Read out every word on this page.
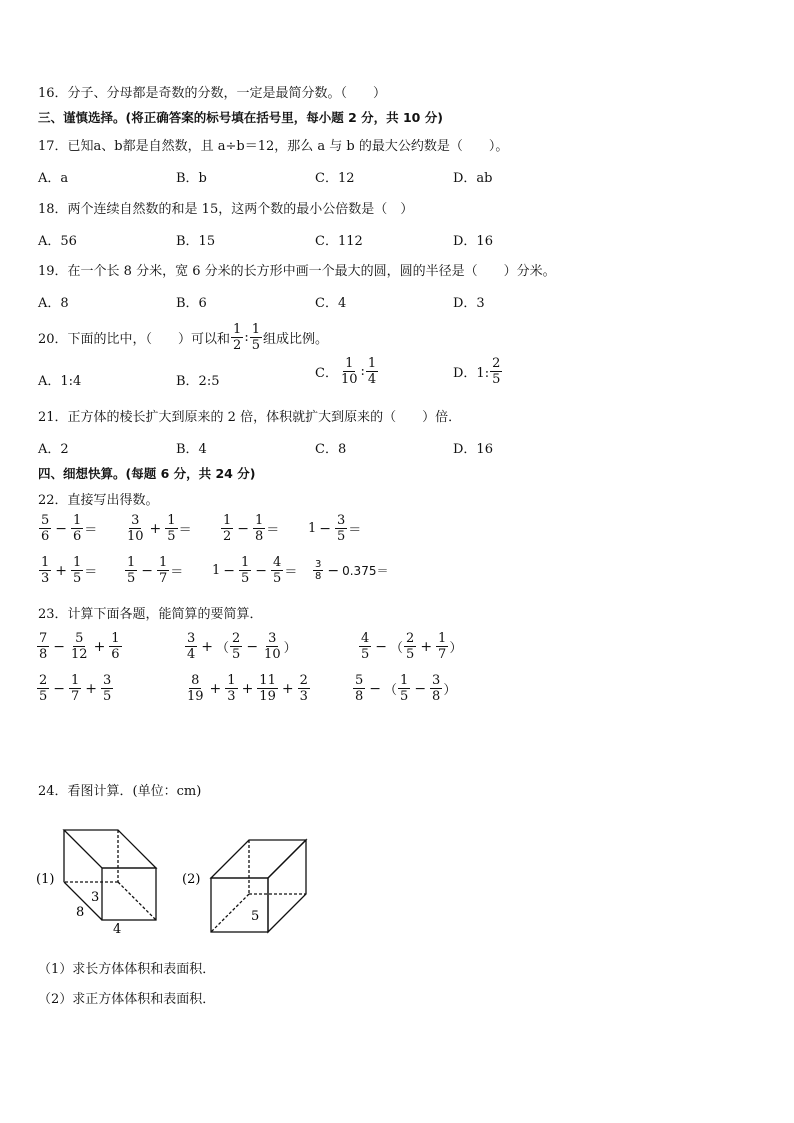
16．分子、分母都是奇数的分数，一定是最简分数。（　　）
三、谨慎选择。(将正确答案的标号填在括号里，每小题 2 分，共 10 分)
17．已知a、b都是自然数，且 a÷b＝12，那么 a 与 b 的最大公约数是（　　）。
A．a	B．b	C．12	D．ab
18．两个连续自然数的和是 15，这两个数的最小公倍数是（　）
A．56	B．15	C．112	D．16
19．在一个长 8 分米，宽 6 分米的长方形中画一个最大的圆，圆的半径是（　　）分米。
A．8	B．6	C．4	D．3
20．下面的比中，（　　）可以和 $\frac{1}{2}$ : $\frac{1}{5}$ 组成比例。
A．1:4	B．2:5
C． $\frac{1}{10}$ : $\frac{1}{4}$	D．1: $\frac{2}{5}$
21．正方体的棱长扩大到原来的 2 倍，体积就扩大到原来的（　　）倍．
A．2	B．4	C．8	D．16
四、细想快算。(每题 6 分，共 24 分)
22．直接写出得数。
$\frac{5}{6} - \frac{1}{6} = \frac{3}{10} + \frac{1}{5} = \frac{1}{2} - \frac{1}{8} = 1 - \frac{3}{5}$ ＝
$\frac{1}{3} + \frac{1}{5} = \frac{1}{5} - \frac{1}{7} = 1 - \frac{1}{5} - \frac{4}{5} = \frac{3}{8} - 0.375$ ＝
23．计算下面各题，能简算的要简算．
$\frac{7}{8} - \frac{5}{12} + \frac{1}{6}$	$\frac{3}{4}$ + （ $\frac{2}{5} - \frac{3}{10}$ ）	$\frac{4}{5}$ − （ $\frac{2}{5} + \frac{1}{7}$ ）
$\frac{2}{5} - \frac{1}{7} + \frac{3}{5}$	$\frac{8}{19} + \frac{1}{3} + \frac{11}{19} + \frac{2}{3}$	$\frac{5}{8}$ − （ $\frac{1}{5} - \frac{3}{8}$ ）
24．看图计算．(单位：cm)
(1)
8
3
4
(2)
5
（1）求长方体体积和表面积．
（2）求正方体体积和表面积．
